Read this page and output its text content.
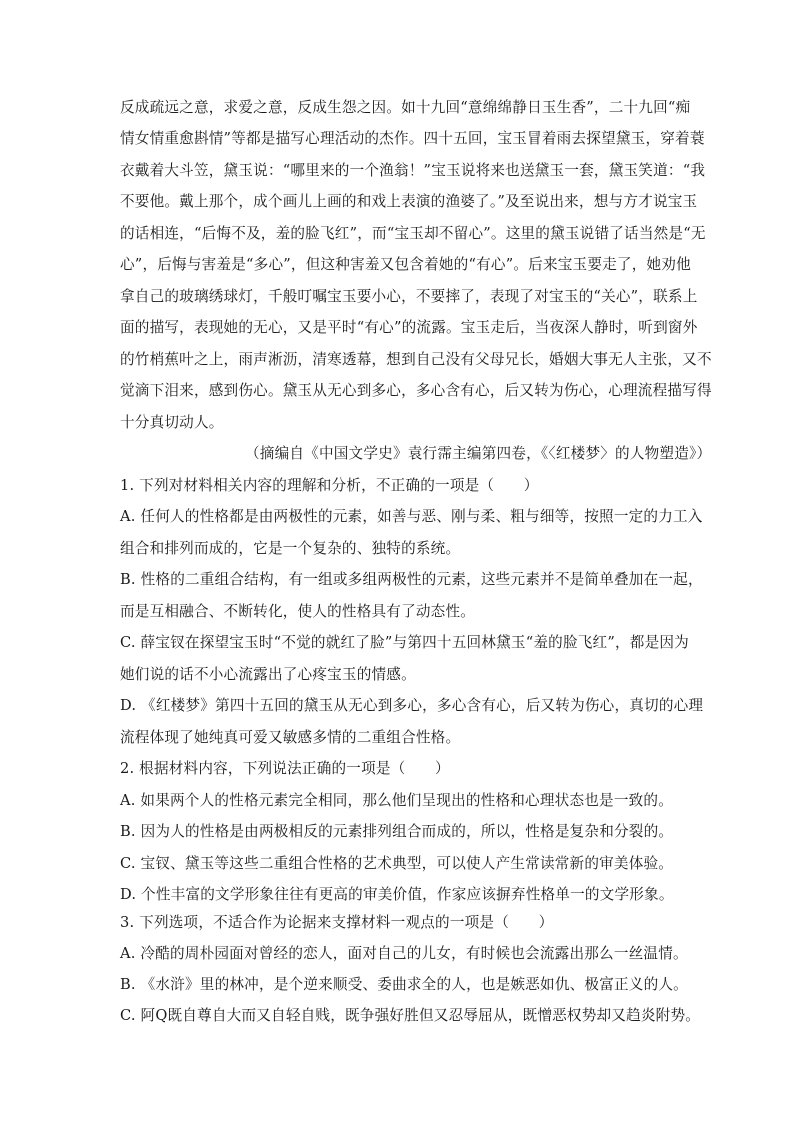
反成疏远之意，求爱之意，反成生怨之因。如十九回“意绵绵静日玉生香”，二十九回“痴
情女情重愈斟情”等都是描写心理活动的杰作。四十五回，宝玉冒着雨去探望黛玉，穿着蓑
衣戴着大斗笠，黛玉说：“哪里来的一个渔翁！”宝玉说将来也送黛玉一套，黛玉笑道：“我
不要他。戴上那个，成个画儿上画的和戏上表演的渔婆了。”及至说出来，想与方才说宝玉
的话相连，“后悔不及，羞的脸飞红”，而“宝玉却不留心”。这里的黛玉说错了话当然是“无
心”，后悔与害羞是“多心”，但这种害羞又包含着她的“有心”。后来宝玉要走了，她劝他
拿自己的玻璃绣球灯，千般叮嘱宝玉要小心，不要摔了，表现了对宝玉的“关心”，联系上
面的描写，表现她的无心，又是平时“有心”的流露。宝玉走后，当夜深人静时，听到窗外
的竹梢蕉叶之上，雨声淅沥，清寒透幕，想到自己没有父母兄长，婚姻大事无人主张，又不
觉滴下泪来，感到伤心。黛玉从无心到多心，多心含有心，后又转为伤心，心理流程描写得
十分真切动人。
（摘编自《中国文学史》袁行霈主编第四卷，《〈红楼梦〉的人物塑造》）
1. 下列对材料相关内容的理解和分析，不正确的一项是（　　）
A. 任何人的性格都是由两极性的元素，如善与恶、刚与柔、粗与细等，按照一定的力工入
组合和排列而成的，它是一个复杂的、独特的系统。
B. 性格的二重组合结构，有一组或多组两极性的元素，这些元素并不是简单叠加在一起，
而是互相融合、不断转化，使人的性格具有了动态性。
C. 薛宝钗在探望宝玉时“不觉的就红了脸”与第四十五回林黛玉“羞的脸飞红”，都是因为
她们说的话不小心流露出了心疼宝玉的情感。
D. 《红楼梦》第四十五回的黛玉从无心到多心，多心含有心，后又转为伤心，真切的心理
流程体现了她纯真可爱又敏感多情的二重组合性格。
2. 根据材料内容，下列说法正确的一项是（　　）
A. 如果两个人的性格元素完全相同，那么他们呈现出的性格和心理状态也是一致的。
B. 因为人的性格是由两极相反的元素排列组合而成的，所以，性格是复杂和分裂的。
C. 宝钗、黛玉等这些二重组合性格的艺术典型，可以使人产生常读常新的审美体验。
D. 个性丰富的文学形象往往有更高的审美价值，作家应该摒弃性格单一的文学形象。
3. 下列选项，不适合作为论据来支撑材料一观点的一项是（　　）
A. 冷酷的周朴园面对曾经的恋人，面对自己的儿女，有时候也会流露出那么一丝温情。
B. 《水浒》里的林冲，是个逆来顺受、委曲求全的人，也是嫉恶如仇、极富正义的人。
C. 阿Q既自尊自大而又自轻自贱，既争强好胜但又忍辱屈从，既憎恶权势却又趋炎附势。
